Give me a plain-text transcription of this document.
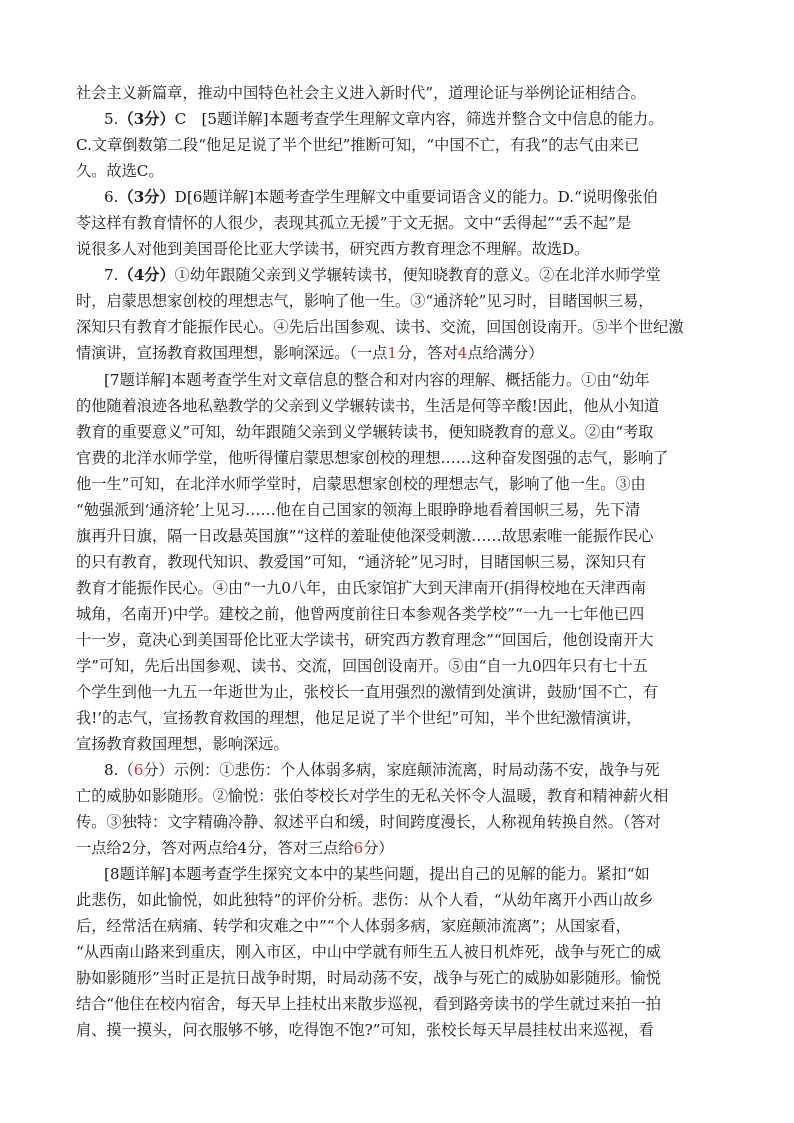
社会主义新篇章，推动中国特色社会主义进入新时代”，道理论证与举例论证相结合。
5.（3分）C　[5题详解]本题考查学生理解文章内容，筛选并整合文中信息的能力。
C.文章倒数第二段“他足足说了半个世纪”推断可知，“中国不亡，有我”的志气由来已
久。故选C。
6.（3分）D[6题详解]本题考查学生理解文中重要词语含义的能力。D.“说明像张伯
苓这样有教育情怀的人很少，表现其孤立无援”于文无据。文中“丢得起”“丢不起”是
说很多人对他到美国哥伦比亚大学读书，研究西方教育理念不理解。故选D。
7.（4分）①幼年跟随父亲到义学辗转读书，便知晓教育的意义。②在北洋水师学堂
时，启蒙思想家创校的理想志气，影响了他一生。③“通济轮”见习时，目睹国帜三易，
深知只有教育才能振作民心。④先后出国参观、读书、交流，回国创设南开。⑤半个世纪激
情演讲，宣扬教育救国理想，影响深远。（一点1分，答对4点给满分）
[7题详解]本题考查学生对文章信息的整合和对内容的理解、概括能力。①由“幼年
的他随着浪迹各地私塾教学的父亲到义学辗转读书，生活是何等辛酸!因此，他从小知道
教育的重要意义”可知，幼年跟随父亲到义学辗转读书，便知晓教育的意义。②由“考取
官费的北洋水师学堂，他听得懂启蒙思想家创校的理想……这种奋发图强的志气，影响了
他一生”可知，在北洋水师学堂时，启蒙思想家创校的理想志气，影响了他一生。③由
“勉强派到‘通济轮’上见习……他在自己国家的领海上眼睁睁地看着国帜三易，先下清
旗再升日旗，隔一日改悬英国旗”“这样的羞耻使他深受刺激……故思索唯一能振作民心
的只有教育，教现代知识、教爱国”可知，“通济轮”见习时，目睹国帜三易，深知只有
教育才能振作民心。④由“一九0八年，由氏家馆扩大到天津南开(捐得校地在天津西南
城角，名南开)中学。建校之前，他曾两度前往日本参观各类学校”“一九一七年他已四
十一岁，竟决心到美国哥伦比亚大学读书，研究西方教育理念”“回国后，他创设南开大
学”可知，先后出国参观、读书、交流，回国创设南开。⑤由“自一九0四年只有七十五
个学生到他一九五一年逝世为止，张校长一直用强烈的激情到处演讲，鼓励‘国不亡，有
我!’的志气，宣扬教育救国的理想，他足足说了半个世纪”可知，半个世纪激情演讲，
宣扬教育救国理想，影响深远。
8.（6分）示例：①悲伤：个人体弱多病，家庭颠沛流离，时局动荡不安，战争与死
亡的威胁如影随形。②愉悦：张伯苓校长对学生的无私关怀令人温暖，教育和精神薪火相
传。③独特：文字精确冷静、叙述平白和缓，时间跨度漫长，人称视角转换自然。（答对
一点给2分，答对两点给4分，答对三点给6分）
[8题详解]本题考查学生探究文本中的某些问题，提出自己的见解的能力。紧扣“如
此悲伤，如此愉悦，如此独特”的评价分析。悲伤：从个人看，“从幼年离开小西山故乡
后，经常活在病痛、转学和灾难之中”“个人体弱多病，家庭颠沛流离”；从国家看，
“从西南山路来到重庆，刚入市区，中山中学就有师生五人被日机炸死，战争与死亡的威
胁如影随形”当时正是抗日战争时期，时局动荡不安，战争与死亡的威胁如影随形。愉悦
结合“他住在校内宿舍，每天早上挂杖出来散步巡视，看到路旁读书的学生就过来拍一拍
肩、摸一摸头，问衣服够不够，吃得饱不饱?”可知，张校长每天早晨挂杖出来巡视，看
